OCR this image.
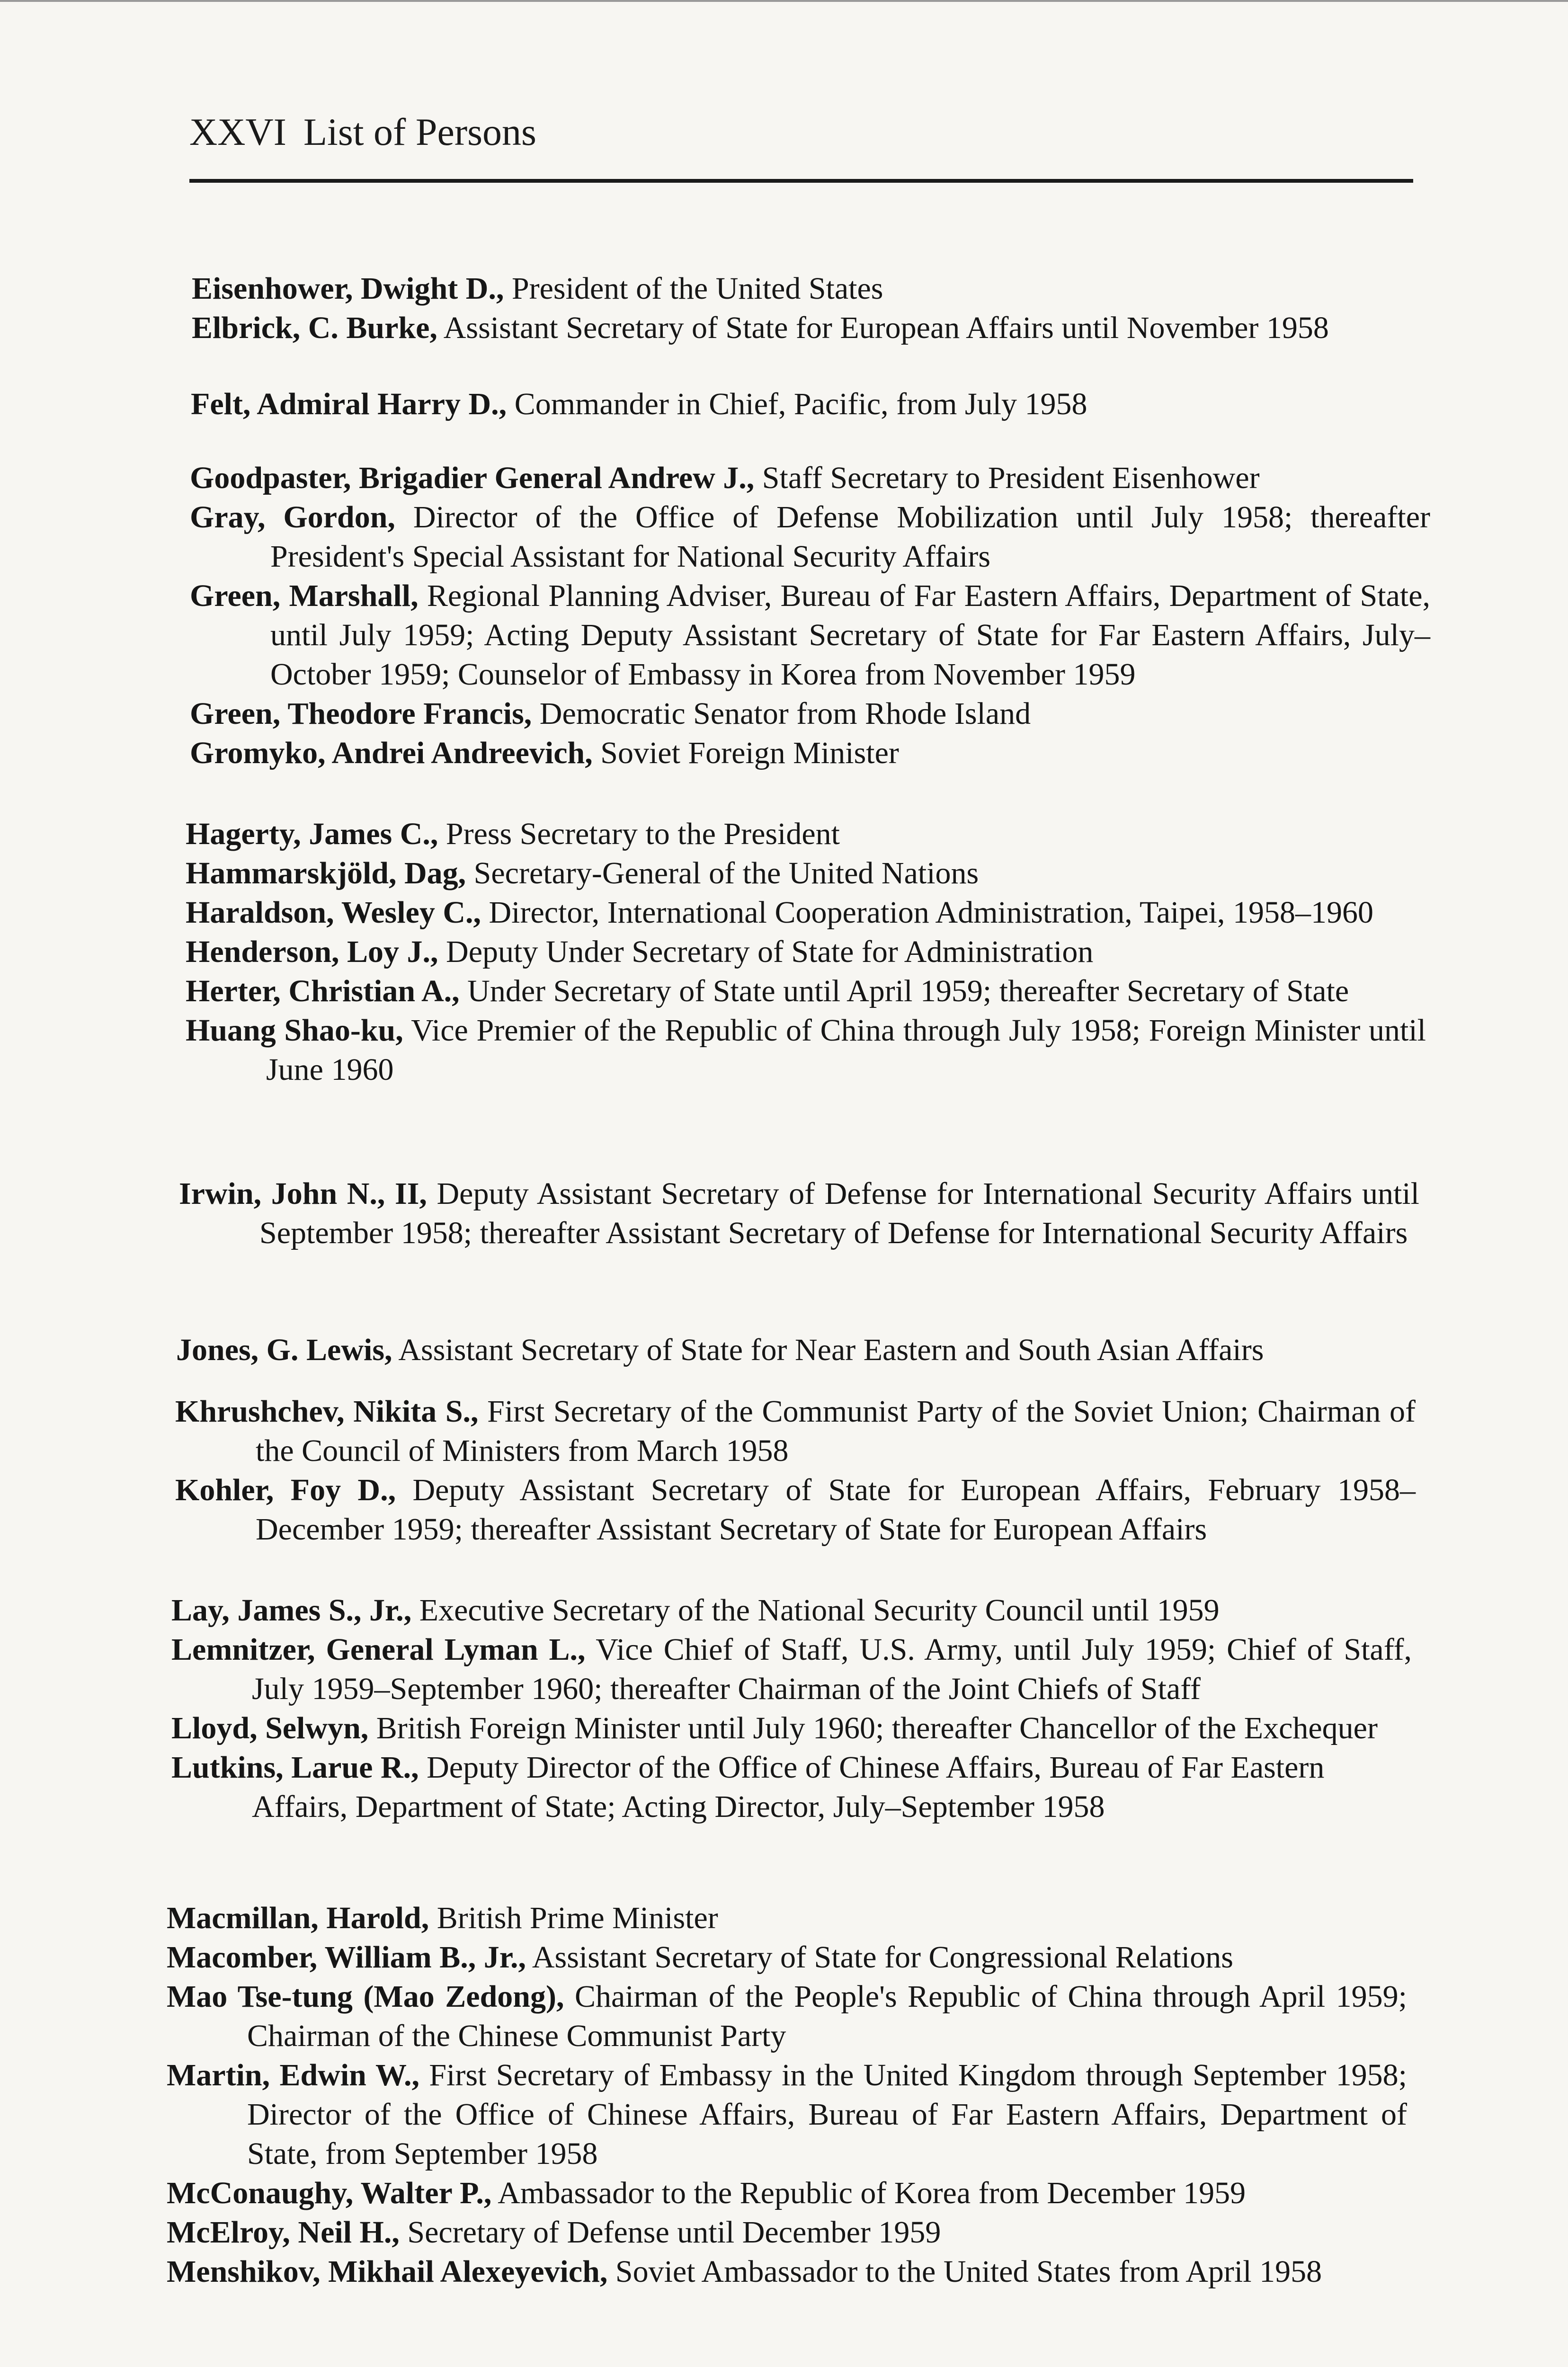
XXVI List of Persons
Eisenhower, Dwight D., President of the United States
Elbrick, C. Burke, Assistant Secretary of State for European Affairs until November 1958
Felt, Admiral Harry D., Commander in Chief, Pacific, from July 1958
Goodpaster, Brigadier General Andrew J., Staff Secretary to President Eisenhower
Gray, Gordon, Director of the Office of Defense Mobilization until July 1958; thereafter President's Special Assistant for National Security Affairs
Green, Marshall, Regional Planning Adviser, Bureau of Far Eastern Affairs, Department of State, until July 1959; Acting Deputy Assistant Secretary of State for Far Eastern Affairs, July–October 1959; Counselor of Embassy in Korea from November 1959
Green, Theodore Francis, Democratic Senator from Rhode Island
Gromyko, Andrei Andreevich, Soviet Foreign Minister
Hagerty, James C., Press Secretary to the President
Hammarskjöld, Dag, Secretary-General of the United Nations
Haraldson, Wesley C., Director, International Cooperation Administration, Taipei, 1958–1960
Henderson, Loy J., Deputy Under Secretary of State for Administration
Herter, Christian A., Under Secretary of State until April 1959; thereafter Secretary of State
Huang Shao-ku, Vice Premier of the Republic of China through July 1958; Foreign Minister until June 1960
Irwin, John N., II, Deputy Assistant Secretary of Defense for International Security Affairs until September 1958; thereafter Assistant Secretary of Defense for International Security Affairs
Jones, G. Lewis, Assistant Secretary of State for Near Eastern and South Asian Affairs
Khrushchev, Nikita S., First Secretary of the Communist Party of the Soviet Union; Chairman of the Council of Ministers from March 1958
Kohler, Foy D., Deputy Assistant Secretary of State for European Affairs, February 1958–December 1959; thereafter Assistant Secretary of State for European Affairs
Lay, James S., Jr., Executive Secretary of the National Security Council until 1959
Lemnitzer, General Lyman L., Vice Chief of Staff, U.S. Army, until July 1959; Chief of Staff, July 1959–September 1960; thereafter Chairman of the Joint Chiefs of Staff
Lloyd, Selwyn, British Foreign Minister until July 1960; thereafter Chancellor of the Exchequer
Lutkins, Larue R., Deputy Director of the Office of Chinese Affairs, Bureau of Far Eastern Affairs, Department of State; Acting Director, July–September 1958
Macmillan, Harold, British Prime Minister
Macomber, William B., Jr., Assistant Secretary of State for Congressional Relations
Mao Tse-tung (Mao Zedong), Chairman of the People's Republic of China through April 1959; Chairman of the Chinese Communist Party
Martin, Edwin W., First Secretary of Embassy in the United Kingdom through September 1958; Director of the Office of Chinese Affairs, Bureau of Far Eastern Affairs, Department of State, from September 1958
McConaughy, Walter P., Ambassador to the Republic of Korea from December 1959
McElroy, Neil H., Secretary of Defense until December 1959
Menshikov, Mikhail Alexeyevich, Soviet Ambassador to the United States from April 1958
